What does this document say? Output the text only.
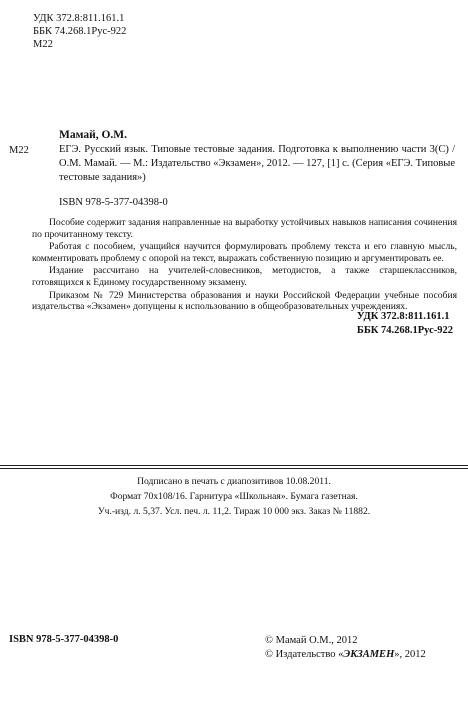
УДК 372.8:811.161.1
ББК 74.268.1Рус-922
М22
Мамай, О.М.
М22	ЕГЭ. Русский язык. Типовые тестовые задания. Подготовка к выполнению части 3(С) / О.М. Мамай. — М.: Издательство «Экзамен», 2012. — 127, [1] с. (Серия «ЕГЭ. Типовые тестовые задания»)
ISBN 978-5-377-04398-0

Пособие содержит задания направленные на выработку устойчивых навыков написания сочинения по прочитанному тексту.

Работая с пособием, учащийся научится формулировать проблему текста и его главную мысль, комментировать проблему с опорой на текст, выражать собственную позицию и аргументировать ее.

Издание рассчитано на учителей-словесников, методистов, а также старшеклассников, готовящихся к Единому государственному экзамену.

Приказом № 729 Министерства образования и науки Российской Федерации учебные пособия издательства «Экзамен» допущены к использованию в общеобразовательных учреждениях.

УДК 372.8:811.161.1
ББК 74.268.1Рус-922
Подписано в печать с диапозитивов 10.08.2011.
Формат 70х108/16. Гарнитура «Школьная». Бумага газетная.
Уч.-изд. л. 5,37. Усл. печ. л. 11,2. Тираж 10 000 экз. Заказ № 11882.
ISBN 978-5-377-04398-0	© Мамай О.М., 2012
© Издательство «ЭКЗАМЕН», 2012
